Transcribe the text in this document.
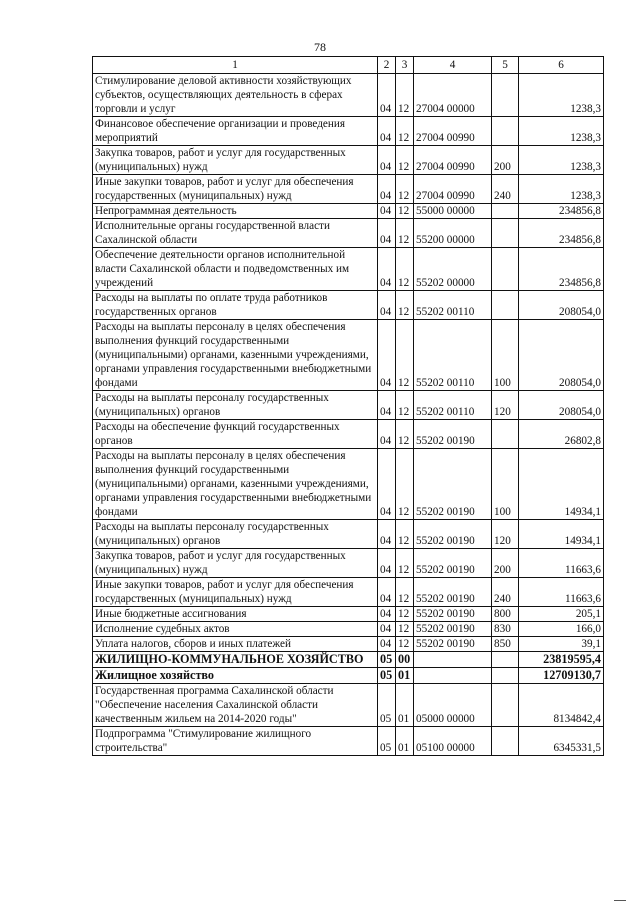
78
1	2	3	4	5	6
Стимулирование деловой активности хозяйствующих субъектов, осуществляющих деятельность в сферах торговли и услуг	04	12	27004 00000		1238,3
Финансовое обеспечение организации и проведения мероприятий	04	12	27004 00990		1238,3
Закупка товаров, работ и услуг для государственных (муниципальных) нужд	04	12	27004 00990	200	1238,3
Иные закупки товаров, работ и услуг для обеспечения государственных (муниципальных) нужд	04	12	27004 00990	240	1238,3
Непрограммная деятельность	04	12	55000 00000		234856,8
Исполнительные органы государственной власти Сахалинской области	04	12	55200 00000		234856,8
Обеспечение деятельности органов исполнительной власти Сахалинской области и подведомственных им учреждений	04	12	55202 00000		234856,8
Расходы на выплаты по оплате труда работников государственных органов	04	12	55202 00110		208054,0
Расходы на выплаты персоналу в целях обеспечения выполнения функций государственными (муниципальными) органами, казенными учреждениями, органами управления государственными внебюджетными фондами	04	12	55202 00110	100	208054,0
Расходы на выплаты персоналу государственных (муниципальных) органов	04	12	55202 00110	120	208054,0
Расходы на обеспечение функций государственных органов	04	12	55202 00190		26802,8
Расходы на выплаты персоналу в целях обеспечения выполнения функций государственными (муниципальными) органами, казенными учреждениями, органами управления государственными внебюджетными фондами	04	12	55202 00190	100	14934,1
Расходы на выплаты персоналу государственных (муниципальных) органов	04	12	55202 00190	120	14934,1
Закупка товаров, работ и услуг для государственных (муниципальных) нужд	04	12	55202 00190	200	11663,6
Иные закупки товаров, работ и услуг для обеспечения государственных (муниципальных) нужд	04	12	55202 00190	240	11663,6
Иные бюджетные ассигнования	04	12	55202 00190	800	205,1
Исполнение судебных актов	04	12	55202 00190	830	166,0
Уплата налогов, сборов и иных платежей	04	12	55202 00190	850	39,1
ЖИЛИЩНО-КОММУНАЛЬНОЕ ХОЗЯЙСТВО	05	00			23819595,4
Жилищное хозяйство	05	01			12709130,7
Государственная программа Сахалинской области "Обеспечение населения Сахалинской области качественным жильем на 2014-2020 годы"	05	01	05000 00000		8134842,4
Подпрограмма "Стимулирование жилищного строительства"	05	01	05100 00000		6345331,5
